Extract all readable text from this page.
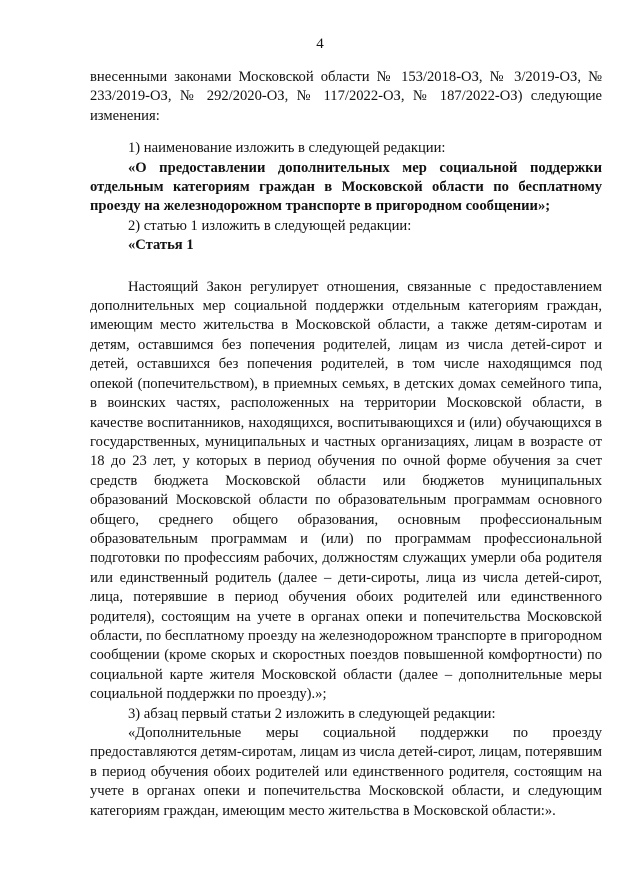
4

внесенными законами Московской области № 153/2018-ОЗ, № 3/2019-ОЗ, № 233/2019-ОЗ, № 292/2020-ОЗ, № 117/2022-ОЗ, № 187/2022-ОЗ) следующие изменения:

1) наименование изложить в следующей редакции:

«О предоставлении дополнительных мер социальной поддержки отдельным категориям граждан в Московской области по бесплатному проезду на железнодорожном транспорте в пригородном сообщении»;

2) статью 1 изложить в следующей редакции:

«Статья 1

Настоящий Закон регулирует отношения, связанные с предоставлением дополнительных мер социальной поддержки отдельным категориям граждан, имеющим место жительства в Московской области, а также детям-сиротам и детям, оставшимся без попечения родителей, лицам из числа детей-сирот и детей, оставшихся без попечения родителей, в том числе находящимся под опекой (попечительством), в приемных семьях, в детских домах семейного типа, в воинских частях, расположенных на территории Московской области, в качестве воспитанников, находящихся, воспитывающихся и (или) обучающихся в государственных, муниципальных и частных организациях, лицам в возрасте от 18 до 23 лет, у которых в период обучения по очной форме обучения за счет средств бюджета Московской области или бюджетов муниципальных образований Московской области по образовательным программам основного общего, среднего общего образования, основным профессиональным образовательным программам и (или) по программам профессиональной подготовки по профессиям рабочих, должностям служащих умерли оба родителя или единственный родитель (далее – дети-сироты, лица из числа детей-сирот, лица, потерявшие в период обучения обоих родителей или единственного родителя), состоящим на учете в органах опеки и попечительства Московской области, по бесплатному проезду на железнодорожном транспорте в пригородном сообщении (кроме скорых и скоростных поездов повышенной комфортности) по социальной карте жителя Московской области (далее – дополнительные меры социальной поддержки по проезду).»;

3) абзац первый статьи 2 изложить в следующей редакции:

«Дополнительные меры социальной поддержки по проезду предоставляются детям-сиротам, лицам из числа детей-сирот, лицам, потерявшим в период обучения обоих родителей или единственного родителя, состоящим на учете в органах опеки и попечительства Московской области, и следующим категориям граждан, имеющим место жительства в Московской области:».
